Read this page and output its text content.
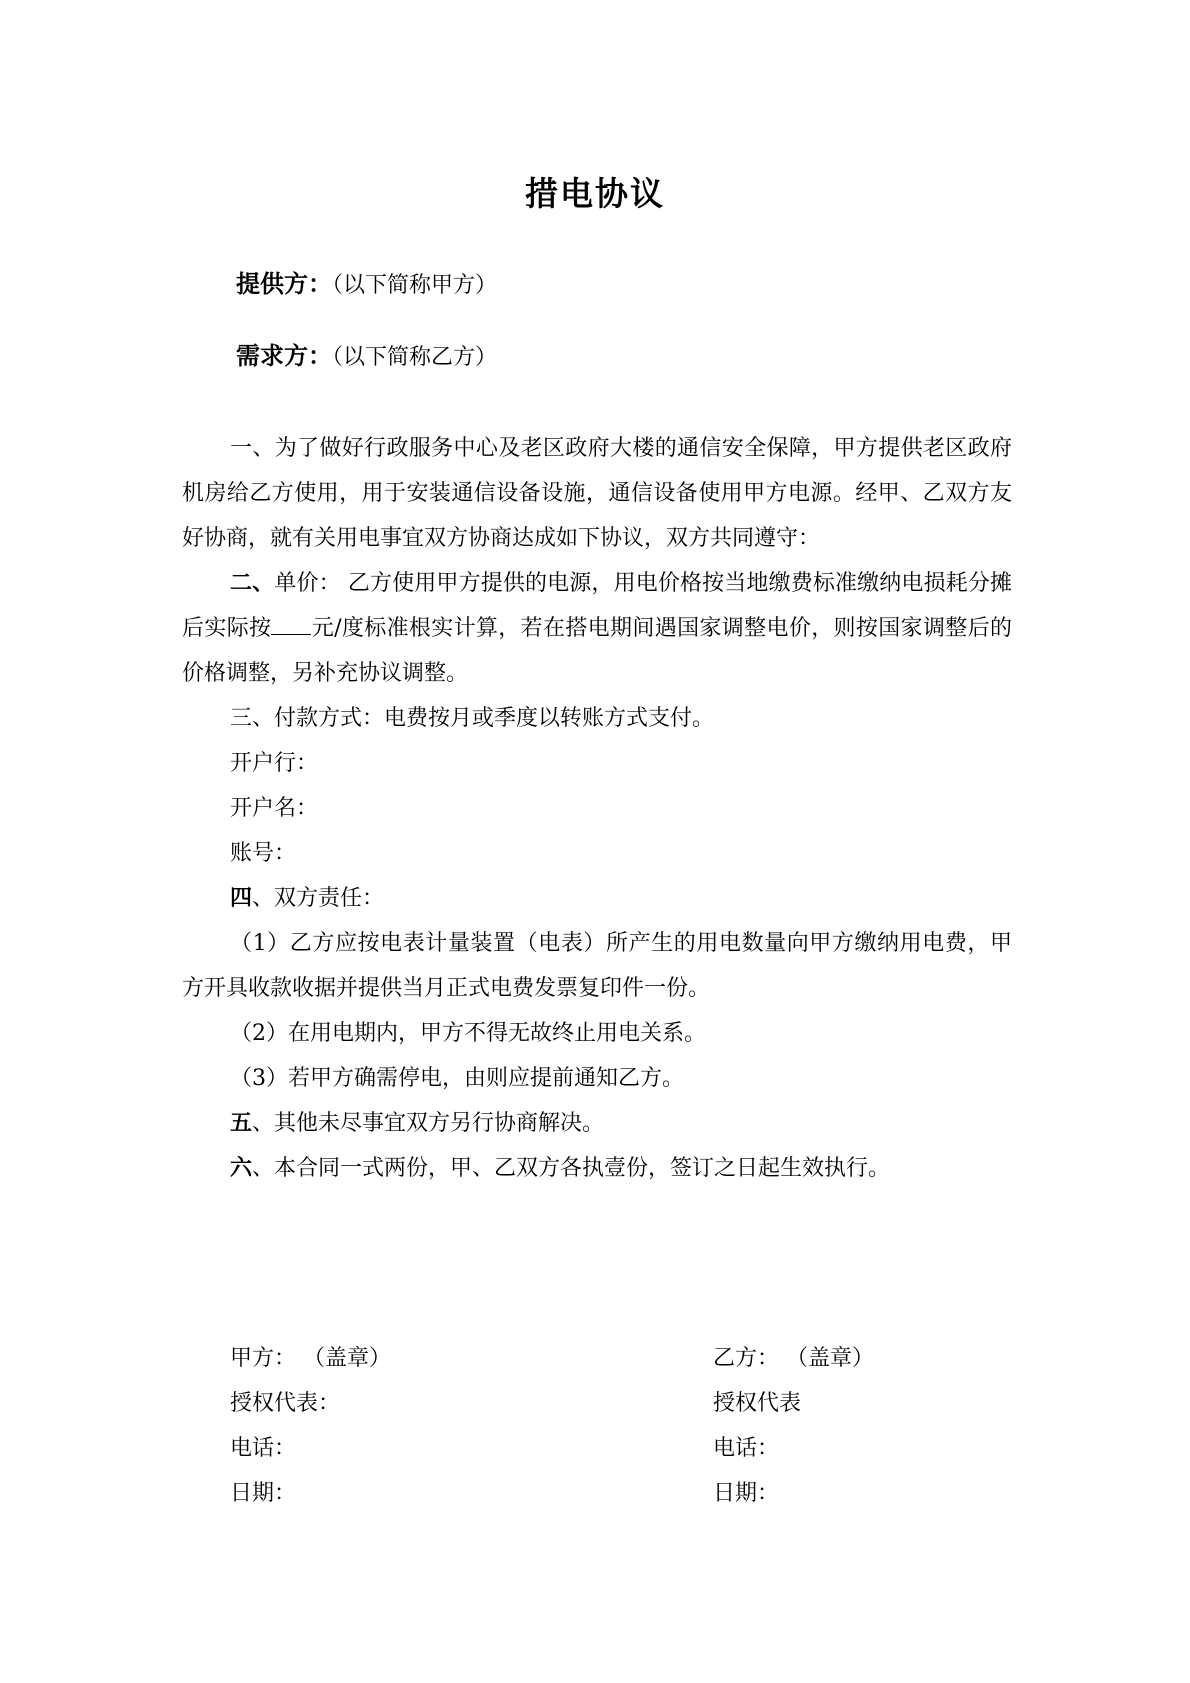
措电协议
提供方：（以下简称甲方）
需求方：（以下简称乙方）

一、为了做好行政服务中心及老区政府大楼的通信安全保障，甲方提供老区政府机房给乙方使用，用于安装通信设备设施，通信设备使用甲方电源。经甲、乙双方友好协商，就有关用电事宜双方协商达成如下协议，双方共同遵守：

二、单价： 乙方使用甲方提供的电源，用电价格按当地缴费标准缴纳电损耗分摊后实际按 元/度标准根实计算，若在搭电期间遇国家调整电价，则按国家调整后的价格调整，另补充协议调整。

三、付款方式：电费按月或季度以转账方式支付。

开户行：

开户名：

账号：

四、双方责任：

（1）乙方应按电表计量装置（电表）所产生的用电数量向甲方缴纳用电费，甲方开具收款收据并提供当月正式电费发票复印件一份。

（2）在用电期内，甲方不得无故终止用电关系。

（3）若甲方确需停电，由则应提前通知乙方。

五、其他未尽事宜双方另行协商解决。

六、本合同一式两份，甲、乙双方各执壹份，签订之日起生效执行。

甲方： （盖章）
授权代表：
电话：
日期：
乙方： （盖章）
授权代表
电话：
日期：
